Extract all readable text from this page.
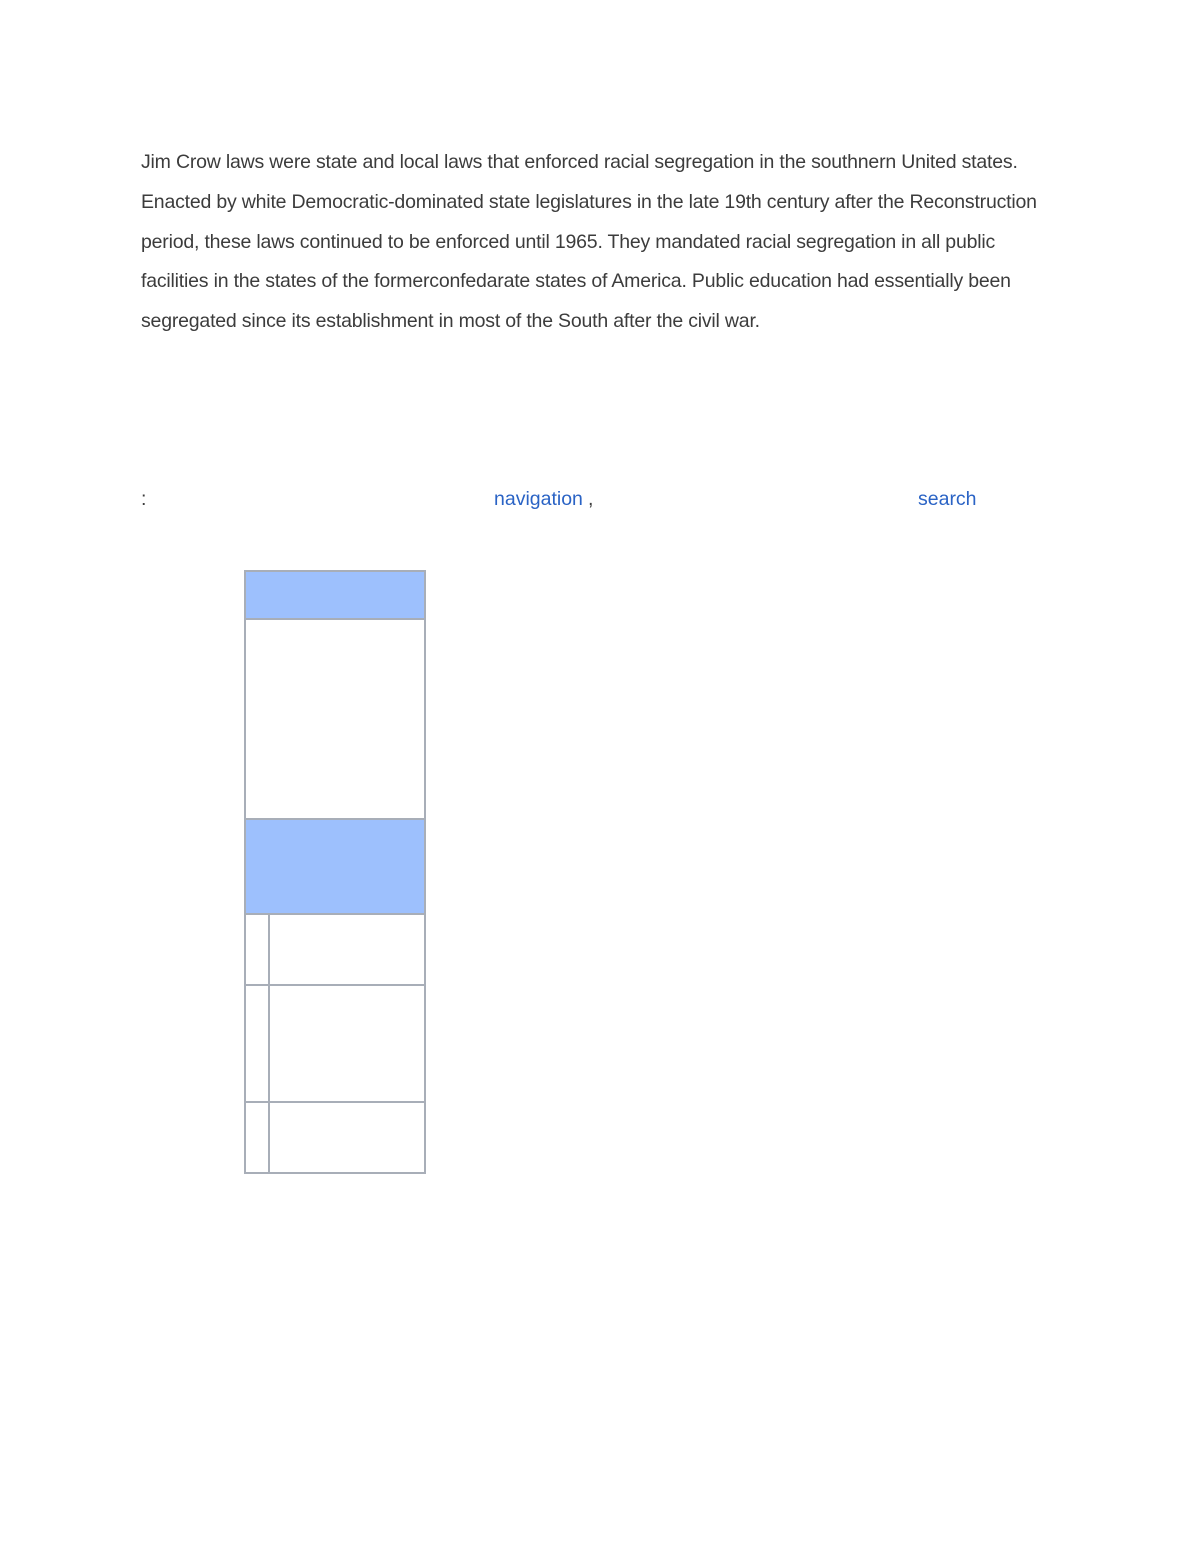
Jim Crow laws were state and local laws that enforced racial segregation in the southnern United states. Enacted by white Democratic-dominated state legislatures in the late 19th century after the Reconstruction period, these laws continued to be enforced until 1965. They mandated racial segregation in all public facilities in the states of the formerconfedarate states of America. Public education had essentially been segregated since its establishment in most of the South after the civil war.

:	navigation ,	search
